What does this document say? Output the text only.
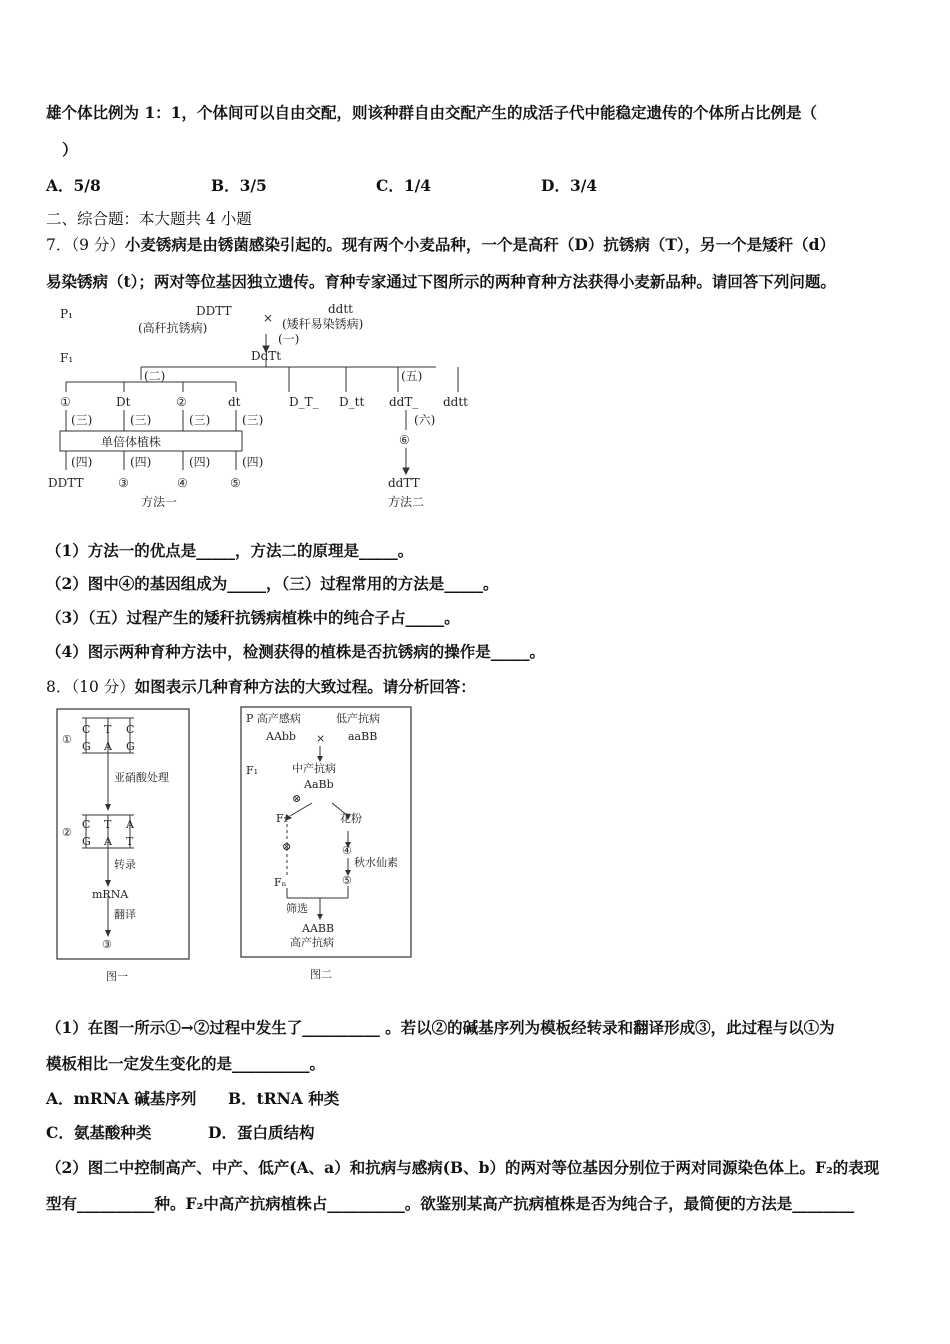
雄个体比例为 1：1，个体间可以自由交配，则该种群自由交配产生的成活子代中能稳定遗传的个体所占比例是（
）
A．5/8	B．3/5	C．1/4	D．3/4
二、综合题：本大题共 4 小题
7．（9 分）小麦锈病是由锈菌感染引起的。现有两个小麦品种，一个是高秆（D）抗锈病（T），另一个是矮秆（d）
易染锈病（t）；两对等位基因独立遗传。育种专家通过下图所示的两种育种方法获得小麦新品种。请回答下列问题。
P₁
F₁
DDTT
(高秆抗锈病)
×
ddtt
(矮秆易染锈病)
(一)
DdTt
(二)	(五)
①	Dt	②	dt
(三)	(三)	(三)	(三)
单倍体植株
(四)	(四)	(四)	(四)
DDTT	③	④	⑤
方法一
D_T_ D_tt ddT_ ddtt
(六)
⑥
ddTT
方法二
（1）方法一的优点是_____，方法二的原理是_____。
（2）图中④的基因组成为_____，（三）过程常用的方法是_____。
（3）（五）过程产生的矮秆抗锈病植株中的纯合子占_____。
（4）图示两种育种方法中，检测获得的植株是否抗锈病的操作是_____。
8．（10 分）如图表示几种育种方法的大致过程。请分析回答：
①
C T C
G A G
亚硝酸处理
②
C T A
G A T
转录
mRNA
翻译
③
图一
P 高产感病	低产抗病
AAbb × aaBB
F₁	中产抗病
AaBb
⊗
F₂	花粉
⊗	④
秋水仙素
Fₙ	⑤
筛选
AABB
高产抗病
图二
（1）在图一所示①→②过程中发生了__________ 。若以②的碱基序列为模板经转录和翻译形成③，此过程与以①为
模板相比一定发生变化的是__________。
A．mRNA 碱基序列 B．tRNA 种类
C．氨基酸种类	D．蛋白质结构
（2）图二中控制高产、中产、低产(A、a）和抗病与感病(B、b）的两对等位基因分别位于两对同源染色体上。F₂的表现
型有__________种。F₂中高产抗病植株占__________。欲鉴别某高产抗病植株是否为纯合子，最简便的方法是________
